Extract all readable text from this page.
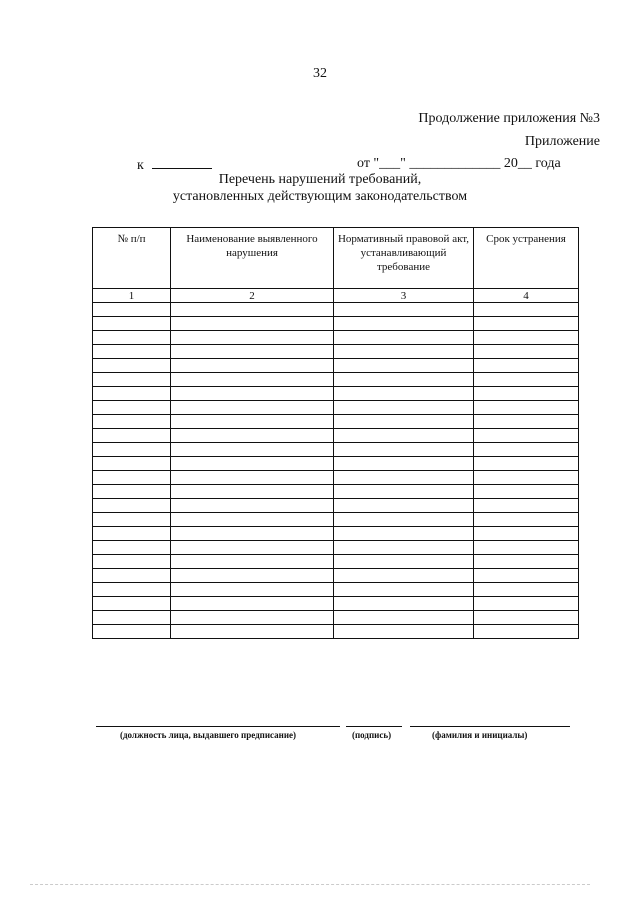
32
Продолжение приложения №3
Приложение
к	от "___" _____________ 20__ года
Перечень нарушений требований,
установленных действующим законодательством
№ п/п	Наименование выявленного нарушения	Нормативный правовой акт, устанавливающий требование	Срок устранения
1	2	3	4

(должность лица, выдавшего предписание)	(подпись)	(фамилия и инициалы)
